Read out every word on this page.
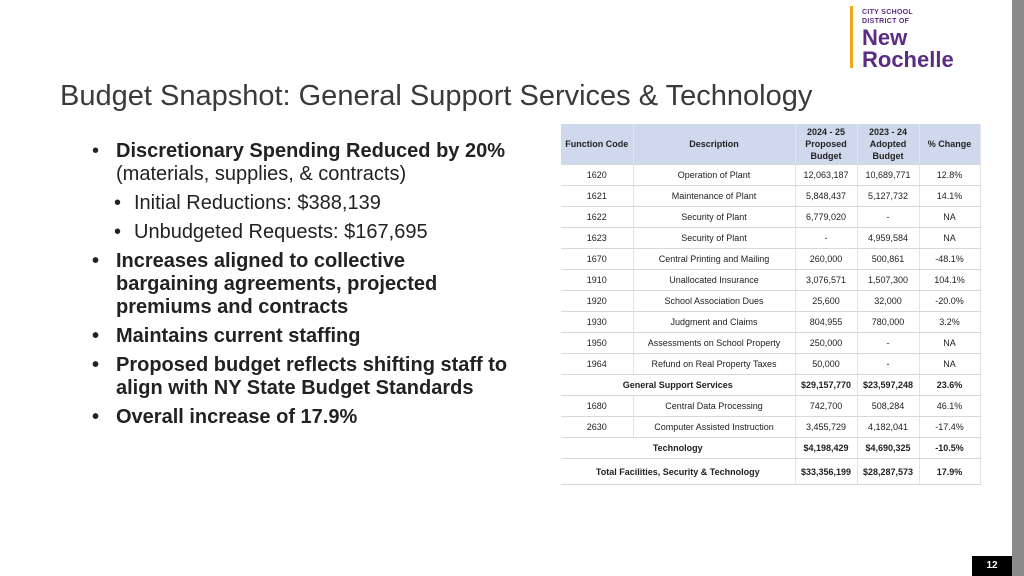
CITY SCHOOL
DISTRICT OF
New
Rochelle
Budget Snapshot: General Support Services & Technology
• Discretionary Spending Reduced by 20% (materials, supplies, & contracts)
• Initial Reductions: $388,139
• Unbudgeted Requests: $167,695
• Increases aligned to collective bargaining agreements, projected premiums and contracts
• Maintains current staffing
• Proposed budget reflects shifting staff to align with NY State Budget Standards
• Overall increase of 17.9%
Function Code	Description	2024 - 25 Proposed Budget	2023 - 24 Adopted Budget	% Change
1620	Operation of Plant	12,063,187	10,689,771	12.8%
1621	Maintenance of Plant	5,848,437	5,127,732	14.1%
1622	Security of Plant	6,779,020	-	NA
1623	Security of Plant	-	4,959,584	NA
1670	Central Printing and Mailing	260,000	500,861	-48.1%
1910	Unallocated Insurance	3,076,571	1,507,300	104.1%
1920	School Association Dues	25,600	32,000	-20.0%
1930	Judgment and Claims	804,955	780,000	3.2%
1950	Assessments on School Property	250,000	-	NA
1964	Refund on Real Property Taxes	50,000	-	NA
General Support Services		$29,157,770	$23,597,248	23.6%
1680	Central Data Processing	742,700	508,284	46.1%
2630	Computer Assisted Instruction	3,455,729	4,182,041	-17.4%
Technology		$4,198,429	$4,690,325	-10.5%
Total Facilities, Security & Technology		$33,356,199	$28,287,573	17.9%
12
